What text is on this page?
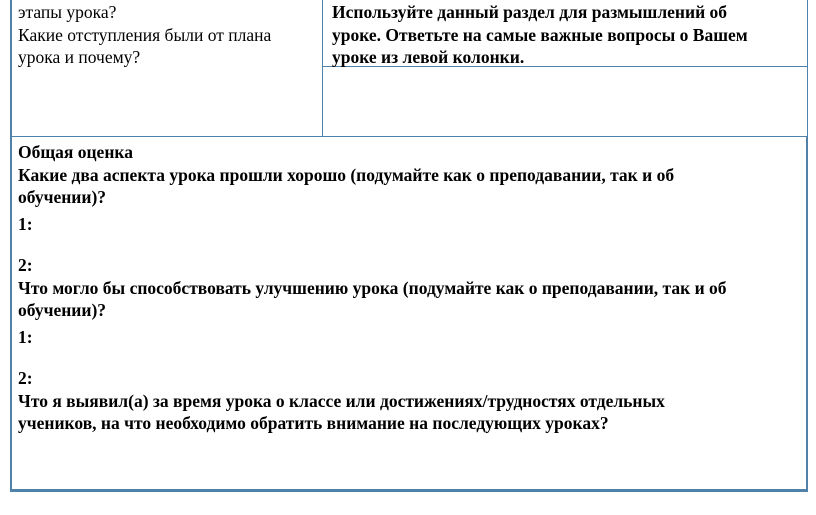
этапы урока?
Какие отступления были от плана
урока и почему?
Используйте данный раздел для размышлений об
уроке. Ответьте на самые важные вопросы о Вашем
уроке из левой колонки.
Общая оценка
Какие два аспекта урока прошли хорошо (подумайте как о преподавании, так и об
обучении)?
1:
2:
Что могло бы способствовать улучшению урока (подумайте как о преподавании, так и об
обучении)?
1:
2:
Что я выявил(а) за время урока о классе или достижениях/трудностях отдельных
учеников, на что необходимо обратить внимание на последующих уроках?
